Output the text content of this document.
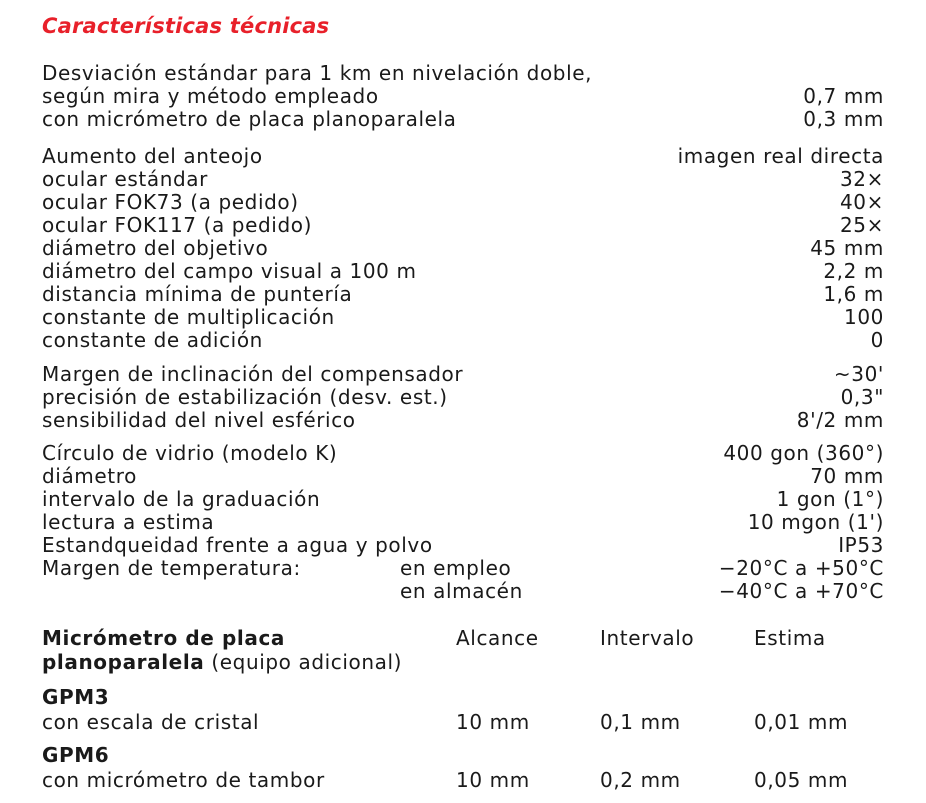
Características técnicas
Desviación estándar para 1 km en nivelación doble,
según mira y método empleado	0,7 mm
con micrómetro de placa planoparalela	0,3 mm
Aumento del anteojo	imagen real directa
ocular estándar	32×
ocular FOK73 (a pedido)	40×
ocular FOK117 (a pedido)	25×
diámetro del objetivo	45 mm
diámetro del campo visual a 100 m	2,2 m
distancia mínima de puntería	1,6 m
constante de multiplicación	100
constante de adición	0
Margen de inclinación del compensador	~30'
precisión de estabilización (desv. est.)	0,3"
sensibilidad del nivel esférico	8'/2 mm
Círculo de vidrio (modelo K)	400 gon (360°)
diámetro	70 mm
intervalo de la graduación	1 gon (1°)
lectura a estima	10 mgon (1')
Estandqueidad frente a agua y polvo	IP53
Margen de temperatura:	en empleo	−20°C a +50°C
en almacén	−40°C a +70°C
Micrómetro de placa	Alcance	Intervalo	Estima
planoparalela (equipo adicional)
GPM3
con escala de cristal	10 mm	0,1 mm	0,01 mm
GPM6
con micrómetro de tambor	10 mm	0,2 mm	0,05 mm
